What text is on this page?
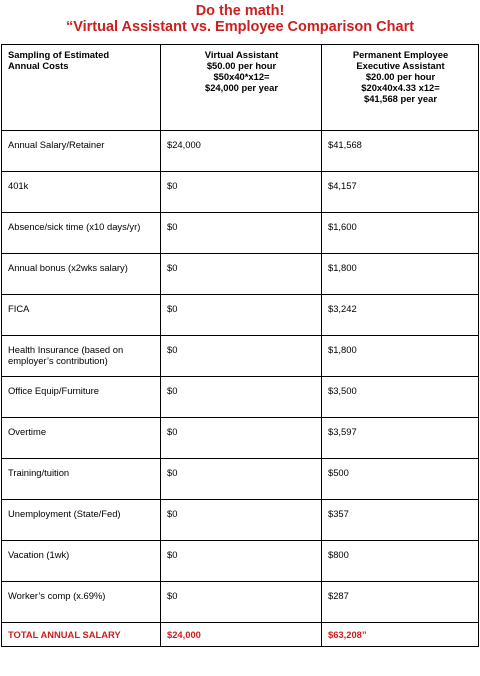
Do the math!
“Virtual Assistant vs. Employee Comparison Chart
Sampling of Estimated
Annual Costs	Virtual Assistant
$50.00 per hour
$50x40*x12=
$24,000 per year	Permanent Employee
Executive Assistant
$20.00 per hour
$20x40x4.33 x12=
$41,568 per year
Annual Salary/Retainer	$24,000	$41,568
401k	$0	$4,157
Absence/sick time (x10 days/yr)	$0	$1,600
Annual bonus (x2wks salary)	$0	$1,800
FICA	$0	$3,242
Health Insurance (based on employer’s contribution)	$0	$1,800
Office Equip/Furniture	$0	$3,500
Overtime	$0	$3,597
Training/tuition	$0	$500
Unemployment (State/Fed)	$0	$357
Vacation (1wk)	$0	$800
Worker’s comp (x.69%)	$0	$287
TOTAL ANNUAL SALARY	$24,000	$63,208”
